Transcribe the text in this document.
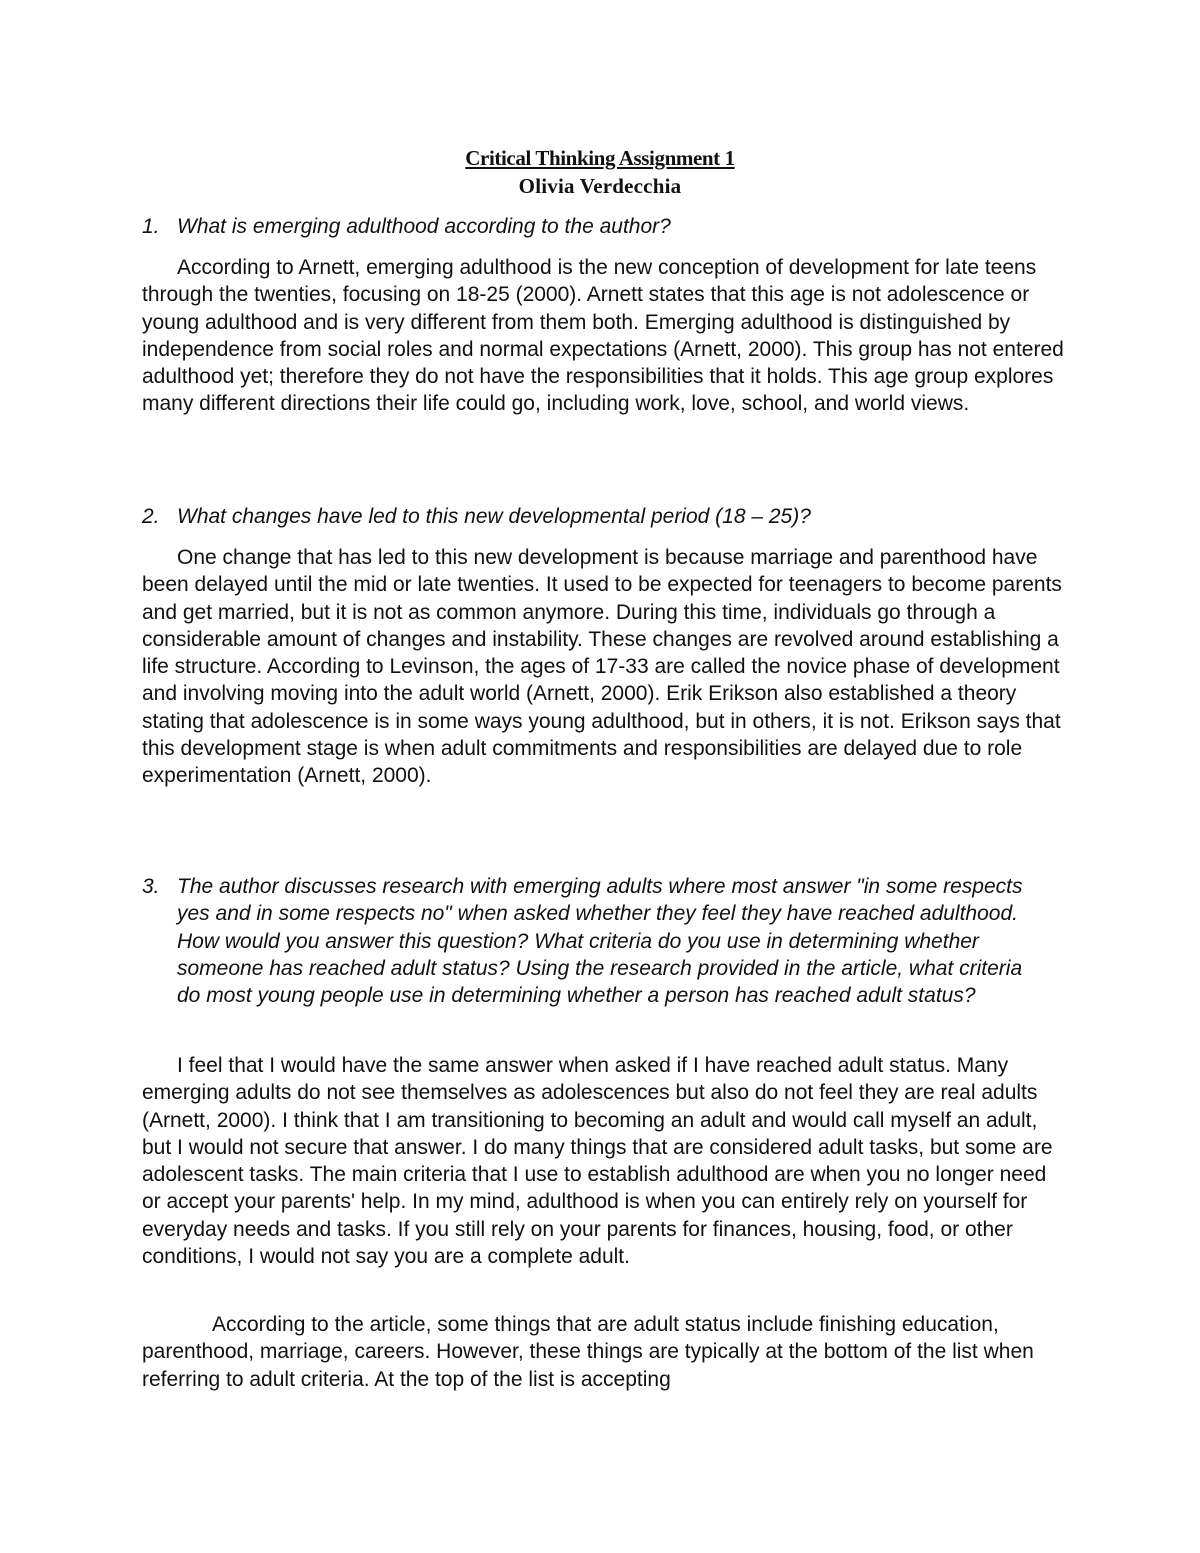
Critical Thinking Assignment 1
Olivia Verdecchia
1. What is emerging adulthood according to the author?

According to Arnett, emerging adulthood is the new conception of development for late teens through the twenties, focusing on 18-25 (2000). Arnett states that this age is not adolescence or young adulthood and is very different from them both. Emerging adulthood is distinguished by independence from social roles and normal expectations (Arnett, 2000). This group has not entered adulthood yet; therefore they do not have the responsibilities that it holds. This age group explores many different directions their life could go, including work, love, school, and world views.

2. What changes have led to this new developmental period (18 – 25)?

One change that has led to this new development is because marriage and parenthood have been delayed until the mid or late twenties. It used to be expected for teenagers to become parents and get married, but it is not as common anymore. During this time, individuals go through a considerable amount of changes and instability. These changes are revolved around establishing a life structure. According to Levinson, the ages of 17-33 are called the novice phase of development and involving moving into the adult world (Arnett, 2000). Erik Erikson also established a theory stating that adolescence is in some ways young adulthood, but in others, it is not. Erikson says that this development stage is when adult commitments and responsibilities are delayed due to role experimentation (Arnett, 2000).

3. The author discusses research with emerging adults where most answer "in some respects yes and in some respects no" when asked whether they feel they have reached adulthood. How would you answer this question? What criteria do you use in determining whether someone has reached adult status? Using the research provided in the article, what criteria do most young people use in determining whether a person has reached adult status?

I feel that I would have the same answer when asked if I have reached adult status. Many emerging adults do not see themselves as adolescences but also do not feel they are real adults (Arnett, 2000). I think that I am transitioning to becoming an adult and would call myself an adult, but I would not secure that answer. I do many things that are considered adult tasks, but some are adolescent tasks. The main criteria that I use to establish adulthood are when you no longer need or accept your parents' help. In my mind, adulthood is when you can entirely rely on yourself for everyday needs and tasks. If you still rely on your parents for finances, housing, food, or other conditions, I would not say you are a complete adult.

According to the article, some things that are adult status include finishing education, parenthood, marriage, careers. However, these things are typically at the bottom of the list when referring to adult criteria. At the top of the list is accepting
